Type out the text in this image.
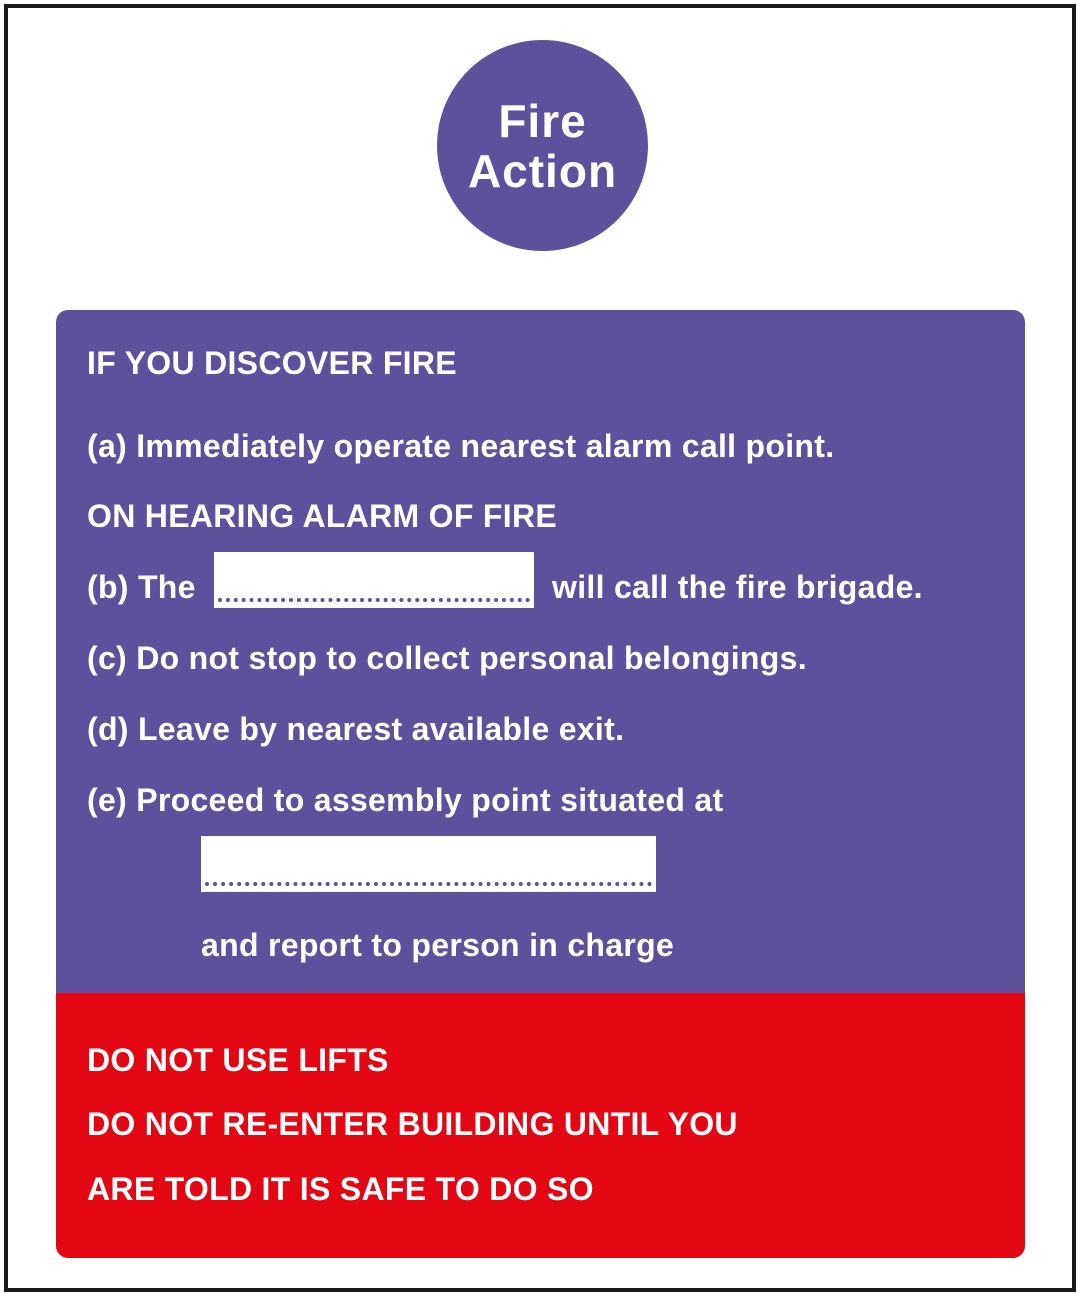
Fire
Action
IF YOU DISCOVER FIRE
(a) Immediately operate nearest alarm call point.
ON HEARING ALARM OF FIRE
(b) The	will call the fire brigade.
(c) Do not stop to collect personal belongings.
(d) Leave by nearest available exit.
(e) Proceed to assembly point situated at
and report to person in charge
DO NOT USE LIFTS
DO NOT RE-ENTER BUILDING UNTIL YOU
ARE TOLD IT IS SAFE TO DO SO
